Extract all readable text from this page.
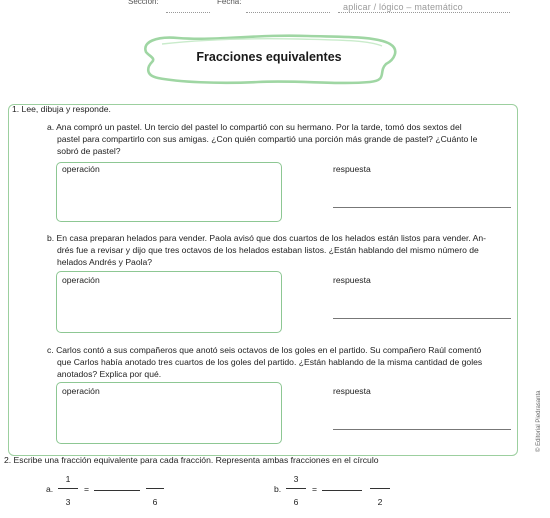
Sección:	Fecha:
aplicar / lógico – matemático
Fracciones equivalentes
1. Lee, dibuja y responde.
a. Ana compró un pastel. Un tercio del pastel lo compartió con su hermano. Por la tarde, tomó dos sextos del
pastel para compartirlo con sus amigas. ¿Con quién compartió una porción más grande de pastel? ¿Cuánto le
sobró de pastel?
operación	respuesta
b. En casa preparan helados para vender. Paola avisó que dos cuartos de los helados están listos para vender. An-
drés fue a revisar y dijo que tres octavos de los helados estaban listos. ¿Están hablando del mismo número de
helados Andrés y Paola?
operación	respuesta
c. Carlos contó a sus compañeros que anotó seis octavos de los goles en el partido. Su compañero Raúl comentó
que Carlos había anotado tres cuartos de los goles del partido. ¿Están hablando de la misma cantidad de goles
anotados? Explica por qué.
operación	respuesta
2. Escribe una fracción equivalente para cada fracción. Representa ambas fracciones en el círculo
a.
1
3
=
6
b.
3
6
=
2
© Editorial Piedrasanta
